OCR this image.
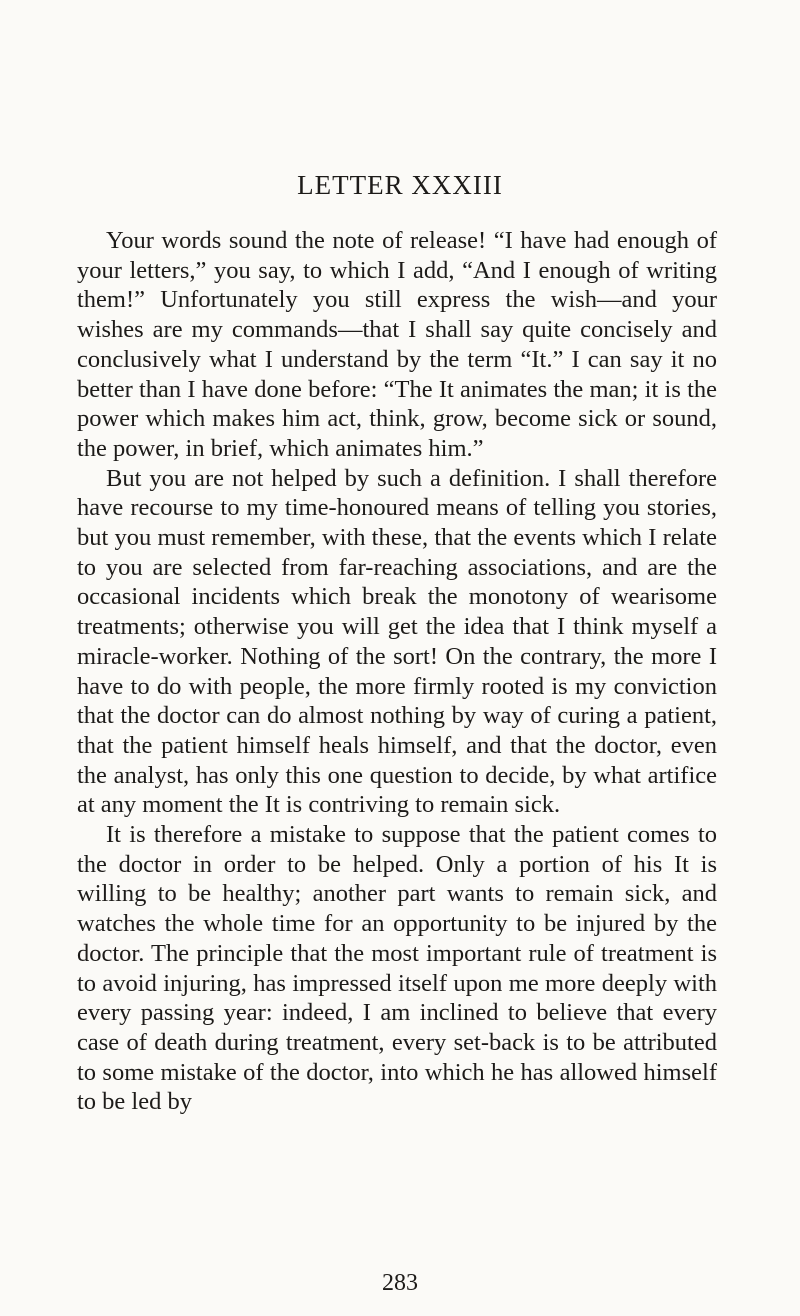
LETTER XXXIII

Your words sound the note of release! “I have had enough of your letters,” you say, to which I add, “And I enough of writing them!” Unfortunately you still express the wish—and your wishes are my commands—that I shall say quite concisely and conclusively what I understand by the term “It.” I can say it no better than I have done before: “The It animates the man; it is the power which makes him act, think, grow, become sick or sound, the power, in brief, which animates him.”

But you are not helped by such a definition. I shall therefore have recourse to my time-honoured means of telling you stories, but you must remember, with these, that the events which I relate to you are selected from far-reaching associations, and are the occasional incidents which break the monotony of wearisome treatments; otherwise you will get the idea that I think myself a miracle-worker. Nothing of the sort! On the contrary, the more I have to do with people, the more firmly rooted is my conviction that the doctor can do almost nothing by way of curing a patient, that the patient himself heals himself, and that the doctor, even the analyst, has only this one question to decide, by what artifice at any moment the It is contriving to remain sick.

It is therefore a mistake to suppose that the patient comes to the doctor in order to be helped. Only a portion of his It is willing to be healthy; another part wants to remain sick, and watches the whole time for an opportunity to be injured by the doctor. The principle that the most important rule of treatment is to avoid injuring, has impressed itself upon me more deeply with every passing year: indeed, I am inclined to believe that every case of death during treatment, every set-back is to be attributed to some mistake of the doctor, into which he has allowed himself to be led by

283
